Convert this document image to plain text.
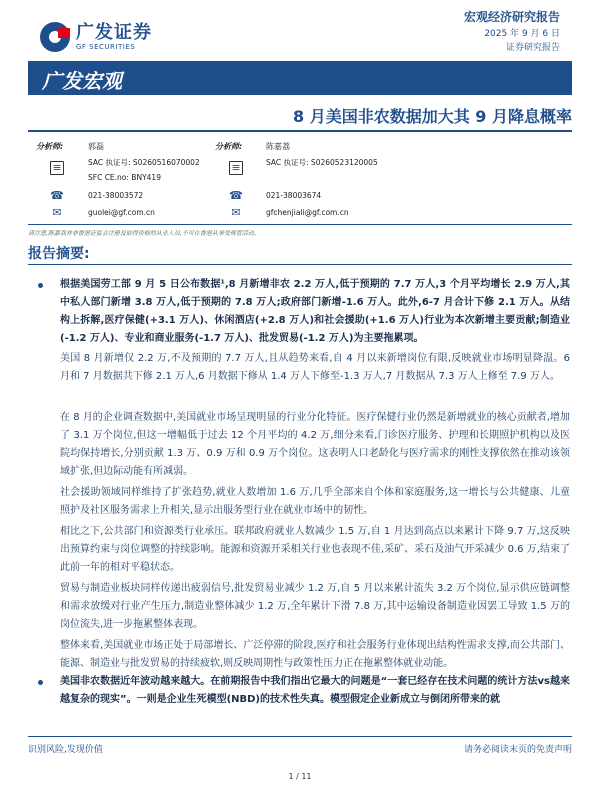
广发证券
GF SECURITIES
宏观经济研究报告
2025 年 9 月 6 日
证券研究报告
广发宏观
8 月美国非农数据加大其 9 月降息概率
分析师:	郭磊
≡	SAC 执证号: S0260516070002
SFC CE.no: BNY419
☎	021-38003572
✉	guolei@gf.com.cn
分析师:	陈嘉荔
≡	SAC 执证号: S0260523120005
☎	021-38003674
✉	gfchenjiali@gf.com.cn
请注意,陈嘉荔并非香港证监会注册及取得资格的从业人员,不可在香港从事受规管活动。
报告摘要:
根据美国劳工部 9 月 5 日公布数据¹,8 月新增非农 2.2 万人,低于预期的 7.7 万人,3 个月平均增长 2.9 万人,其中私人部门新增 3.8 万人,低于预期的 7.8 万人;政府部门新增-1.6 万人。此外,6-7 月合计下修 2.1 万人。从结构上拆解,医疗保健(+3.1 万人)、休闲酒店(+2.8 万人)和社会援助(+1.6 万人)行业为本次新增主要贡献;制造业(-1.2 万人)、专业和商业服务(-1.7 万人)、批发贸易(-1.2 万人)为主要拖累项。
美国 8 月新增仅 2.2 万,不及预期的 7.7 万人,且从趋势来看,自 4 月以来新增岗位有限,反映就业市场明显降温。6 月和 7 月数据共下修 2.1 万人,6 月数据下修从 1.4 万人下修至-1.3 万人,7 月数据从 7.3 万人上修至 7.9 万人。
在 8 月的企业调查数据中,美国就业市场呈现明显的行业分化特征。医疗保健行业仍然是新增就业的核心贡献者,增加了 3.1 万个岗位,但这一增幅低于过去 12 个月平均的 4.2 万,细分来看,门诊医疗服务、护理和长期照护机构以及医院均保持增长,分别贡献 1.3 万、0.9 万和 0.9 万个岗位。这表明人口老龄化与医疗需求的刚性支撑依然在推动该领域扩张,但边际动能有所减弱。
社会援助领域同样维持了扩张趋势,就业人数增加 1.6 万,几乎全部来自个体和家庭服务,这一增长与公共健康、儿童照护及社区服务需求上升相关,显示出服务型行业在就业市场中的韧性。
相比之下,公共部门和资源类行业承压。联邦政府就业人数减少 1.5 万,自 1 月达到高点以来累计下降 9.7 万,这反映出预算约束与岗位调整的持续影响。能源和资源开采相关行业也表现不佳,采矿、采石及油气开采减少 0.6 万,结束了此前一年的相对平稳状态。
贸易与制造业板块同样传递出疲弱信号,批发贸易业减少 1.2 万,自 5 月以来累计流失 3.2 万个岗位,显示供应链调整和需求放缓对行业产生压力,制造业整体减少 1.2 万,全年累计下滑 7.8 万,其中运输设备制造业因罢工导致 1.5 万的岗位流失,进一步拖累整体表现。
整体来看,美国就业市场正处于局部增长、广泛停滞的阶段,医疗和社会服务行业体现出结构性需求支撑,而公共部门、能源、制造业与批发贸易的持续疲软,则反映周期性与政策性压力正在拖累整体就业动能。
美国非农数据近年波动越来越大。在前期报告中我们指出它最大的问题是“一套已经存在技术问题的统计方法vs越来越复杂的现实”。一则是企业生死模型(NBD)的技术性失真。模型假定企业新成立与倒闭所带来的就
识别风险,发现价值	请务必阅读末页的免责声明
1 / 11
